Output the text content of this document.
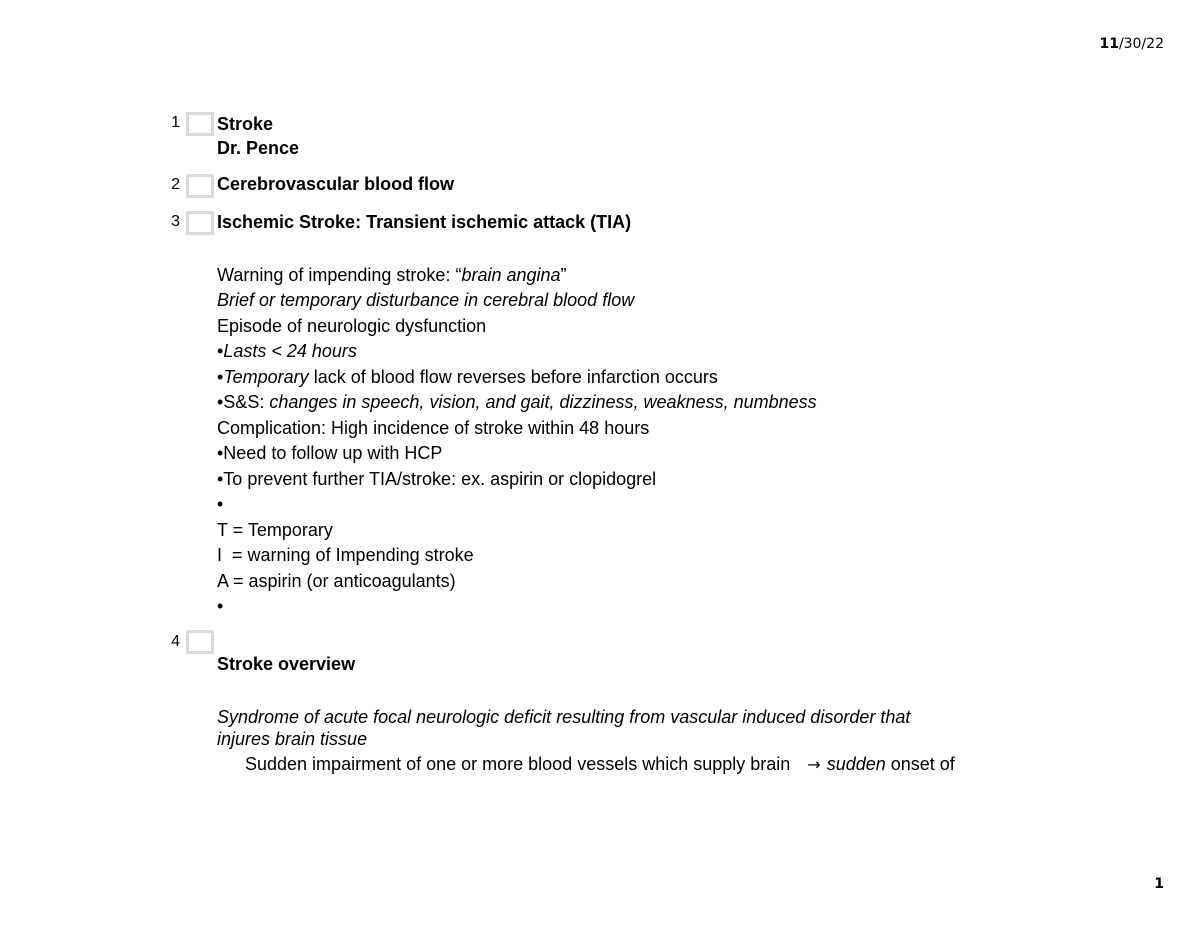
11/30/22
1 Stroke
Dr. Pence
2 Cerebrovascular blood flow
3 Ischemic Stroke: Transient ischemic attack (TIA)
Warning of impending stroke: “brain angina”
Brief or temporary disturbance in cerebral blood flow
Episode of neurologic dysfunction
•Lasts < 24 hours
•Temporary lack of blood flow reverses before infarction occurs
•S&S: changes in speech, vision, and gait, dizziness, weakness, numbness
Complication: High incidence of stroke within 48 hours
•Need to follow up with HCP
•To prevent further TIA/stroke: ex. aspirin or clopidogrel
•
T = Temporary
I  = warning of Impending stroke
A = aspirin (or anticoagulants)
•
4
Stroke overview
Syndrome of acute focal neurologic deficit resulting from vascular induced disorder that
injures brain tissue
Sudden impairment of one or more blood vessels which supply brain → sudden onset of
1
